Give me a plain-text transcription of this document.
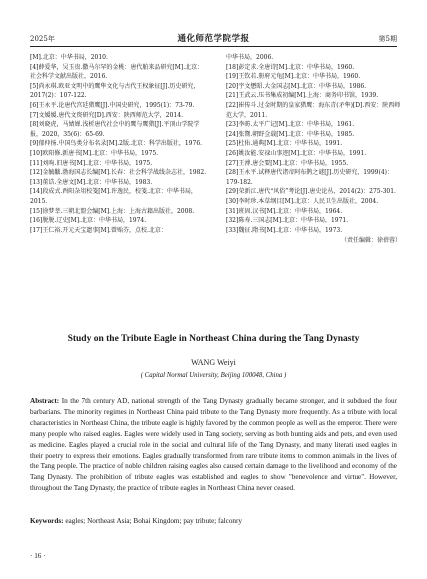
2025年	通化师范学院学报	第5期

[M].北京：中华书局，2010.

[4]薛爱华，吴玉贵.撒马尔罕的金桃：唐代舶来品研究[M].北京：社会科学文献出版社，2016.

[5]尚永琪.欧亚文明中的鹰隼文化与古代王权象征[J].历史研究，2017(2)：107-122.

[6]王永平.论唐代宫廷猎鹰[J].中国史研究，1995(1)：73-79.

[7]文媛媛.唐代文资研究[D].西安：陕西师范大学，2014.

[8]刘晓虎，马婧婵.浅析唐代社会中的鹰与鹰猎[J].平顶山学院学报，2020，35(6)：65-69.

[9]郁仲扬.中国鸟类分布名录[M].2版.北京：科学出版社，1976.

[10]欧阳修.新唐书[M].北京：中华书局，1975.

[11]刘昫.旧唐书[M].北京：中华书局，1975.

[12]金毓黻.渤海国志长编[M].长春：社会科学战线杂志社，1982.

[13]董诰.全唐文[M].北京：中华书局，1983.

[14]段成式.酉阳杂俎校笺[M].许逸民，校笺.北京：中华书局，2015.

[15]徐梦莘.三朝北盟会编[M].上海：上海古籍出版社，2008.

[16]脱脱.辽史[M].北京：中华书局，1974.

[17]王仁裕.开元天宝遗事[M].曾贻芬，点校.北京：

中华书局，2006.

[18]彭定求.全唐诗[M].北京：中华书局，1960.

[19]王钦若.册府元龟[M].北京：中华书局，1960.

[20]宇文懋昭.大金国志[M].北京：中华书局，1986.

[21]王武云.压书集成初编[M].上海：商务印书馆，1939.

[22]崔传斗.过金时期的皇家猎鹰：海东青(矛隼)[D].西安：陕西师范大学，2011.

[23]李昉.太平广记[M].北京：中华书局，1961.

[24]张鷟.朝野佥载[M].北京：中华书局，1985.

[25]杜佑.通典[M].北京：中华书局，1991.

[26]姚汝能.安禄山事迹[M].北京：中华书局，1991.

[27]王溥.唐会要[M].北京：中华书局，1955.

[28]王永平.试释唐代诸帝阿布鹊之谜[J].历史研究，1999(4)：179-182.

[29]荣新江.唐代“风俗”考论[J].唐史论丛，2014(2)：275-301.

[30]李时珍.本草纲目[M].北京：人民卫生出版社，2004.

[31]班固.汉书[M].北京：中华书局，1964.

[32]陈寿.三国志[M].北京：中华书局，1971.

[33]魏征.隋书[M].北京：中华书局，1973.

（责任编辑：徐蓓蓉）

Study on the Tribute Eagle in Northeast China during the Tang Dynasty
WANG Weiyi
( Capital Normal University, Beijing 100048, China )
Abstract: In the 7th century AD, national strength of the Tang Dynasty gradually became stronger, and it subdued the four barbarians. The minority regimes in Northeast China paid tribute to the Tang Dynasty more frequently. As a tribute with local characteristics in Northeast China, the tribute eagle is highly favored by the common people as well as the emperor. There were many people who raised eagles. Eagles were widely used in Tang society, serving as both hunting aids and pets, and even used as medicine. Eagles played a crucial role in the social and cultural life of the Tang Dynasty, and many literati used eagles in their poetry to express their emotions. Eagles gradually transformed from rare tribute items to common animals in the lives of the Tang people. The practice of noble children raising eagles also caused certain damage to the livelihood and economy of the Tang Dynasty. The prohibition of tribute eagles was established and eagles to show "benevolence and virtue". However, throughout the Tang Dynasty, the practice of tribute eagles in Northeast China never ceased.
Keywords: eagles; Northeast Asia; Bohai Kingdom; pay tribute; falconry
· 16 ·
